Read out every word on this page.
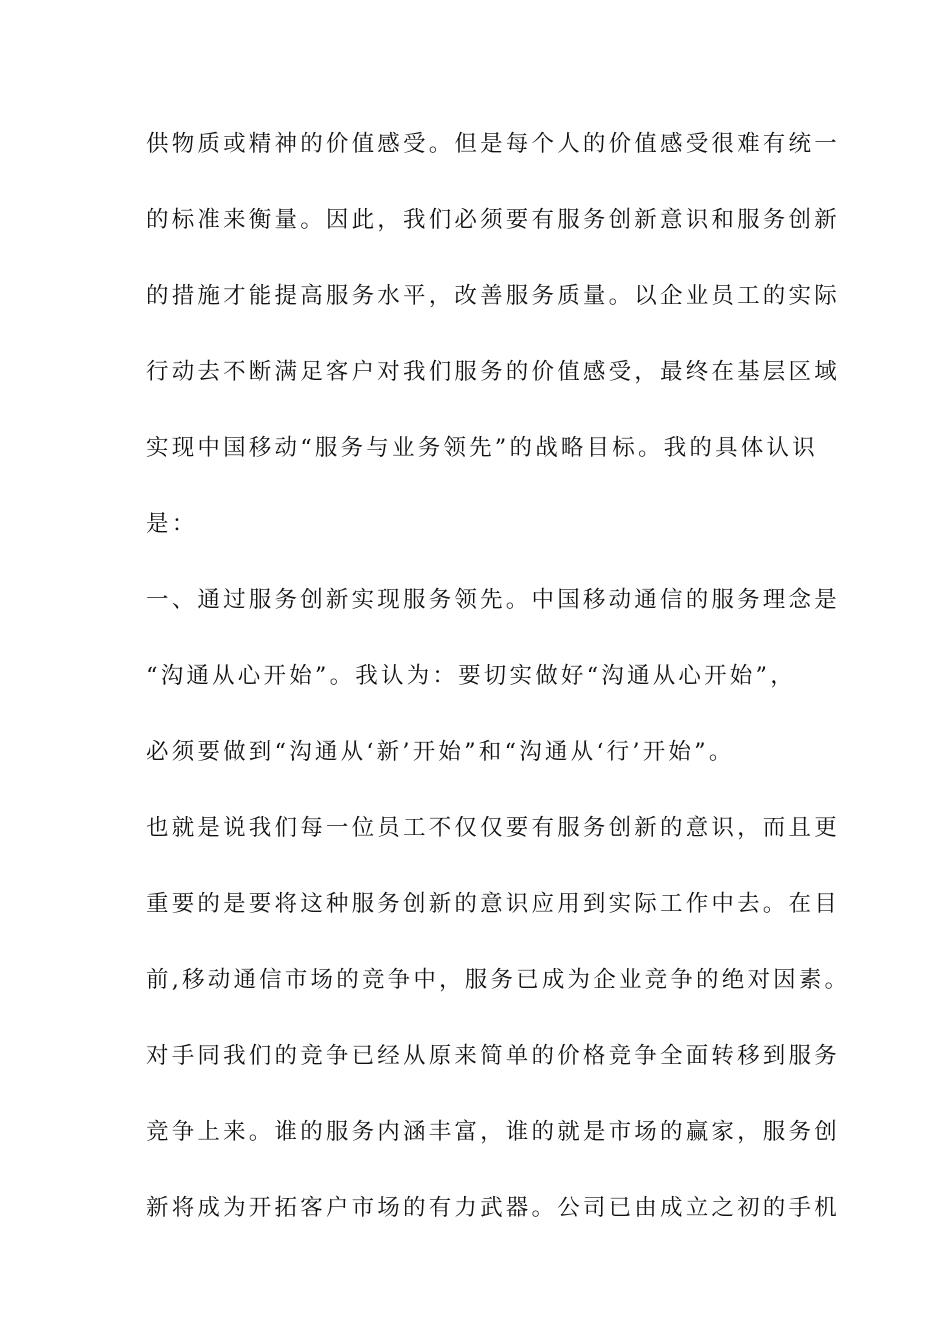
供物质或精神的价值感受。但是每个人的价值感受很难有统一
的标准来衡量。因此，我们必须要有服务创新意识和服务创新
的措施才能提高服务水平，改善服务质量。以企业员工的实际
行动去不断满足客户对我们服务的价值感受，最终在基层区域
实现中国移动“服务与业务领先”的战略目标。我的具体认识
是：
一、通过服务创新实现服务领先。中国移动通信的服务理念是
“沟通从心开始”。我认为：要切实做好“沟通从心开始”，
必须要做到“沟通从‘新’开始”和“沟通从‘行’开始”。
也就是说我们每一位员工不仅仅要有服务创新的意识，而且更
重要的是要将这种服务创新的意识应用到实际工作中去。在目
前,移动通信市场的竞争中，服务已成为企业竞争的绝对因素。
对手同我们的竞争已经从原来简单的价格竞争全面转移到服务
竞争上来。谁的服务内涵丰富，谁的就是市场的赢家，服务创
新将成为开拓客户市场的有力武器。公司已由成立之初的手机
